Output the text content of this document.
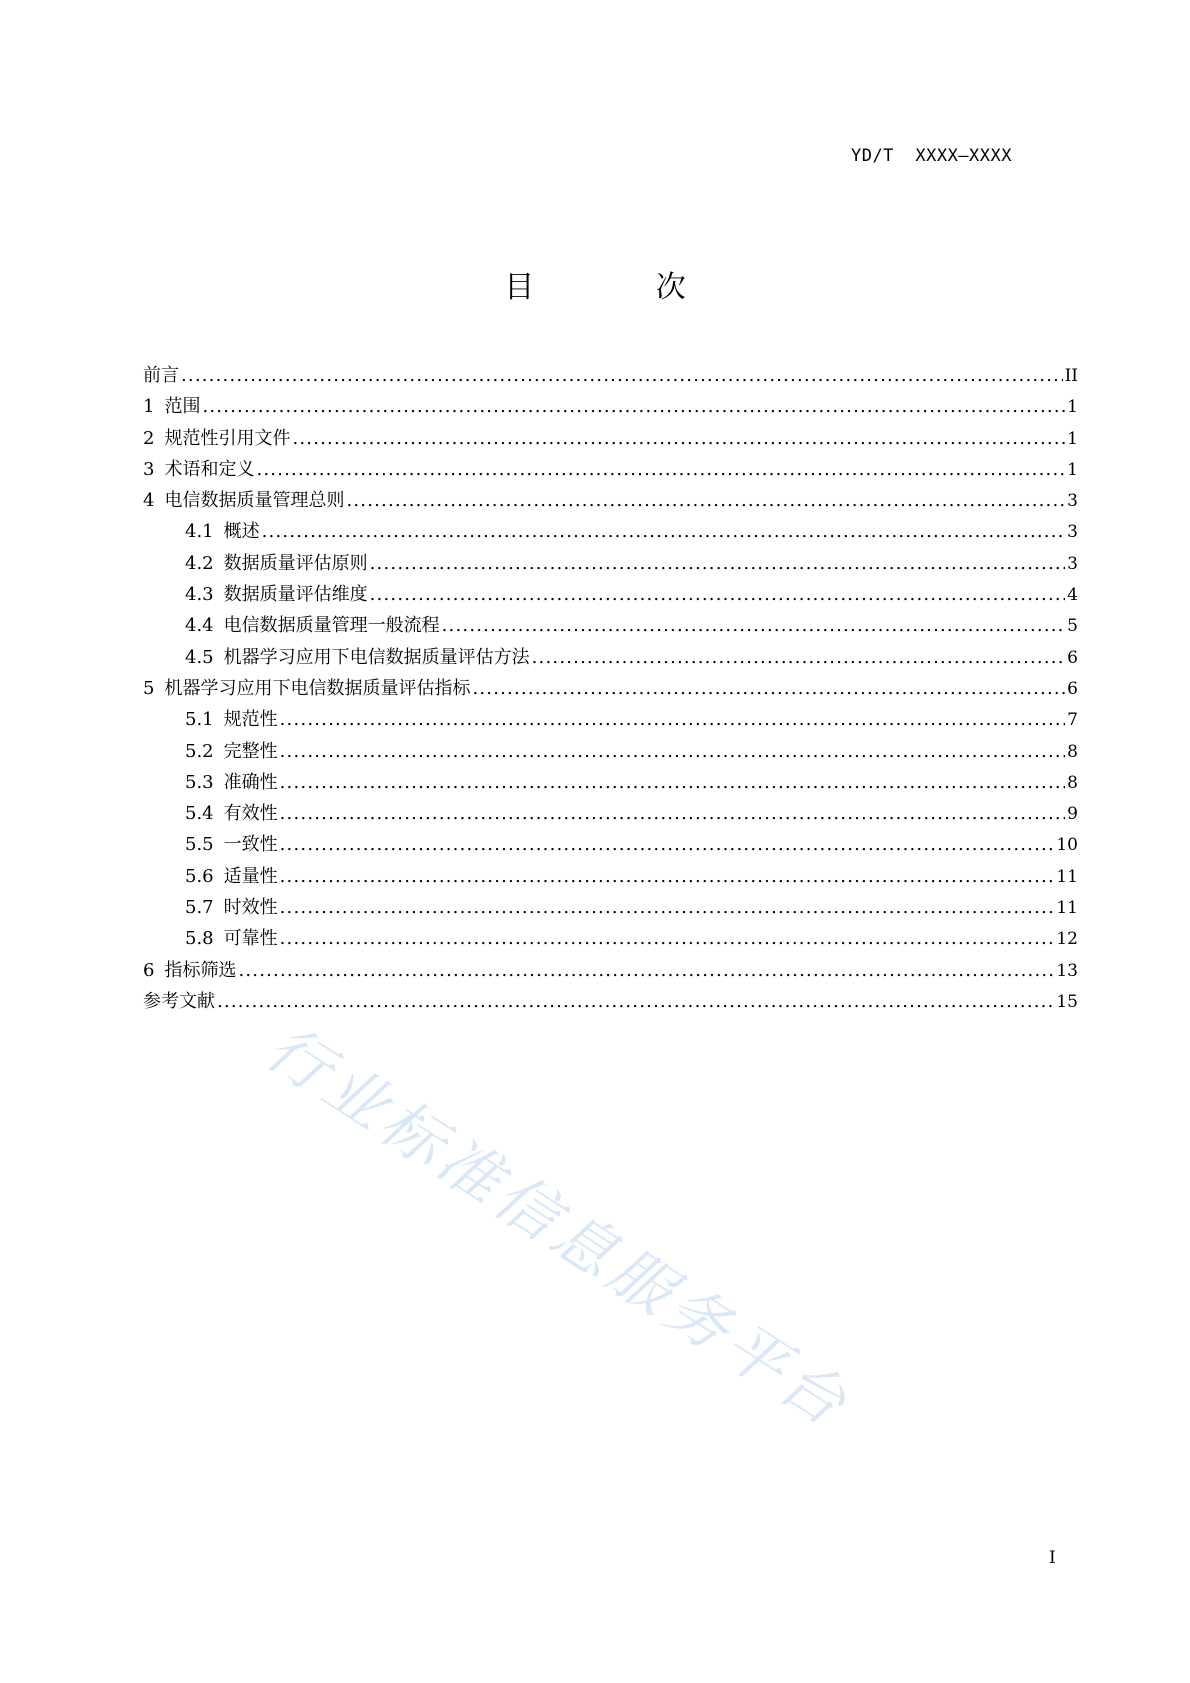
YD/T  XXXX—XXXX
目 次
前言 .....	II
1 范围 .....	1
2 规范性引用文件 .....	1
3 术语和定义 .....	1
4 电信数据质量管理总则 .....	3
4.1 概述 .....	3
4.2 数据质量评估原则 .....	3
4.3 数据质量评估维度 .....	4
4.4 电信数据质量管理一般流程 .....	5
4.5 机器学习应用下电信数据质量评估方法 .....	6
5 机器学习应用下电信数据质量评估指标 .....	6
5.1 规范性 .....	7
5.2 完整性 .....	8
5.3 准确性 .....	8
5.4 有效性 .....	9
5.5 一致性 .....	10
5.6 适量性 .....	11
5.7 时效性 .....	11
5.8 可靠性 .....	12
6 指标筛选 .....	13
参考文献 .....	15
行业标准信息服务平台
I
